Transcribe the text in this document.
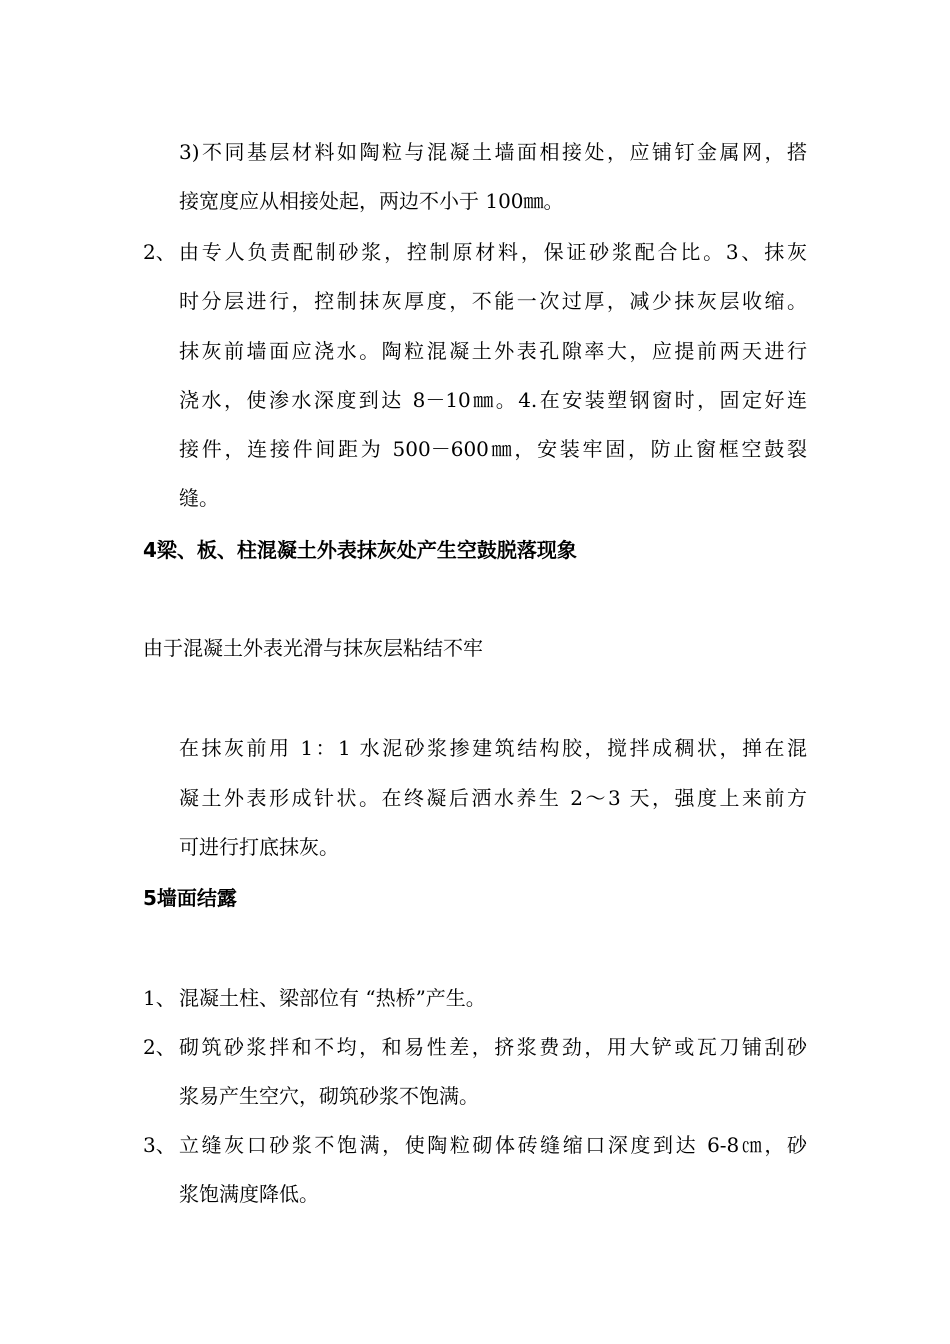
3)不同基层材料如陶粒与混凝土墙面相接处，应铺钉金属网，搭
接宽度应从相接处起，两边不小于 100㎜。
2、 由专人负责配制砂浆，控制原材料，保证砂浆配合比。3、抹灰
时分层进行，控制抹灰厚度，不能一次过厚，减少抹灰层收缩。
抹灰前墙面应浇水。陶粒混凝土外表孔隙率大，应提前两天进行
浇水，使渗水深度到达 8－10㎜。4.在安装塑钢窗时，固定好连
接件，连接件间距为 500－600㎜，安装牢固，防止窗框空鼓裂
缝。
4梁、板、柱混凝土外表抹灰处产生空鼓脱落现象
由于混凝土外表光滑与抹灰层粘结不牢
在抹灰前用 1：1 水泥砂浆掺建筑结构胶，搅拌成稠状，掸在混
凝土外表形成针状。在终凝后洒水养生 2～3 天，强度上来前方
可进行打底抹灰。
5墙面结露
1、 混凝土柱、梁部位有 “热桥”产生。
2、 砌筑砂浆拌和不均，和易性差，挤浆费劲，用大铲或瓦刀铺刮砂
浆易产生空穴，砌筑砂浆不饱满。
3、 立缝灰口砂浆不饱满，使陶粒砌体砖缝缩口深度到达 6-8㎝，砂
浆饱满度降低。
